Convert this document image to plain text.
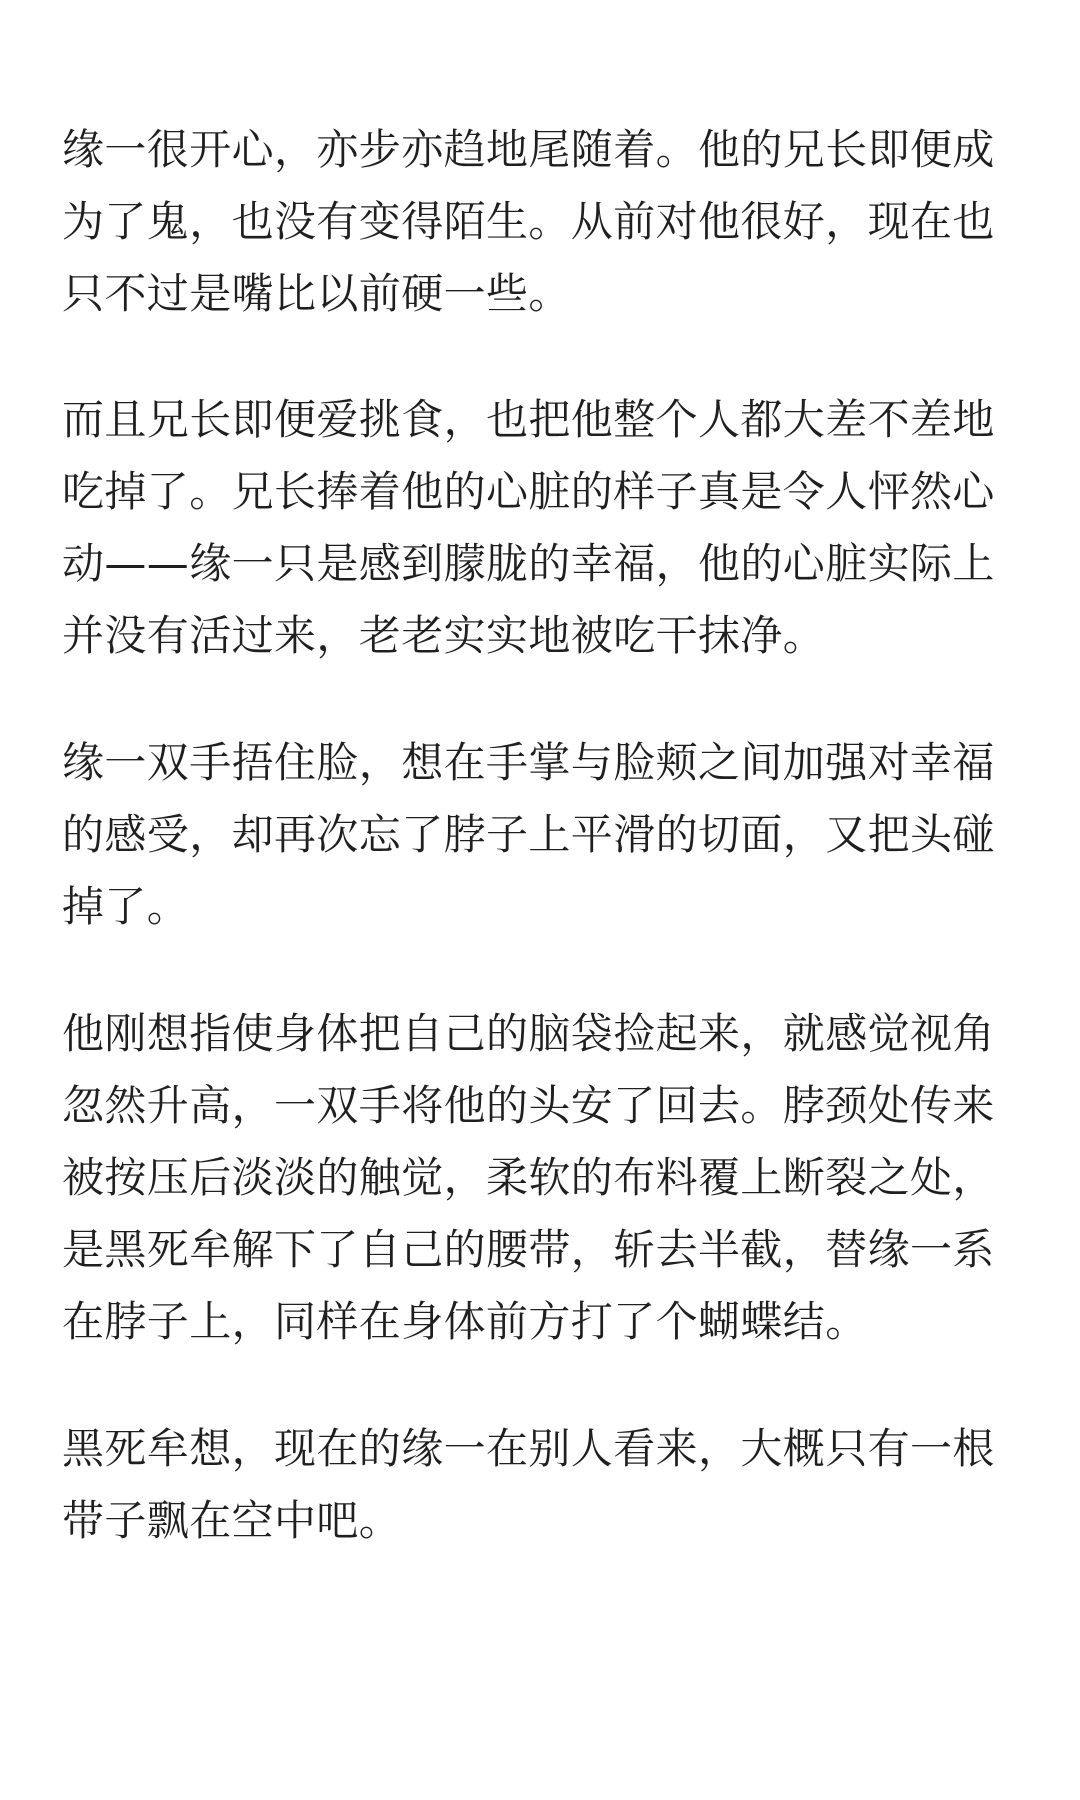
缘一很开心，亦步亦趋地尾随着。他的兄长即便成
为了鬼，也没有变得陌生。从前对他很好，现在也
只不过是嘴比以前硬一些。

而且兄长即便爱挑食，也把他整个人都大差不差地
吃掉了。兄长捧着他的心脏的样子真是令人怦然心
动——缘一只是感到朦胧的幸福，他的心脏实际上
并没有活过来，老老实实地被吃干抹净。

缘一双手捂住脸，想在手掌与脸颊之间加强对幸福
的感受，却再次忘了脖子上平滑的切面，又把头碰
掉了。

他刚想指使身体把自己的脑袋捡起来，就感觉视角
忽然升高，一双手将他的头安了回去。脖颈处传来
被按压后淡淡的触觉，柔软的布料覆上断裂之处，
是黑死牟解下了自己的腰带，斩去半截，替缘一系
在脖子上，同样在身体前方打了个蝴蝶结。

黑死牟想，现在的缘一在别人看来，大概只有一根
带子飘在空中吧。
